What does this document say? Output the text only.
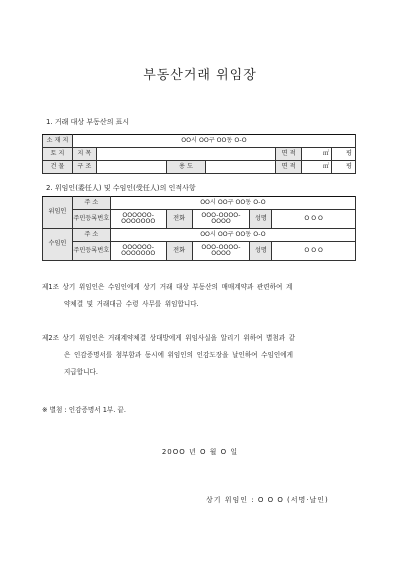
부동산거래 위임장
1. 거래 대상 부동산의 표시
소 재 지	OO시 OO구 OO동 O-O						
토 지	지 목				면 적	㎡	평
건 물	구 조		용 도		면 적	㎡	평
2. 위임인(委任人) 및 수임인(受任人)의 인적사항
위임인	주 소	OO시 OO구 OO동 O-O				
	주민등록번호	OOOOOO-OOOOOOO	전화	OOO-OOOO-OOOO	성명	O O O
수임인	주 소	OO시 OO구 OO동 O-O				
	주민등록번호	OOOOOO-OOOOOOO	전화	OOO-OOOO-OOOO	성명	O O O
제1조 상기 위임인은 수임인에게 상기 거래 대상 부동산의 매매계약과 관련하여 계
약체결 및 거래대금 수령 사무를 위임합니다.
제2조 상기 위임인은 거래계약체결 상대방에게 위임사실을 알리기 위하여 별첨과 같
은 인감증명서를 첨부함과 동시에 위임인의 인감도장을 날인하여 수임인에게
지급합니다.
※ 별첨 : 인감증명서 1부. 끝.
20OO 년 O 월 O 일
상기 위임인 : O O O (서명·날인)
